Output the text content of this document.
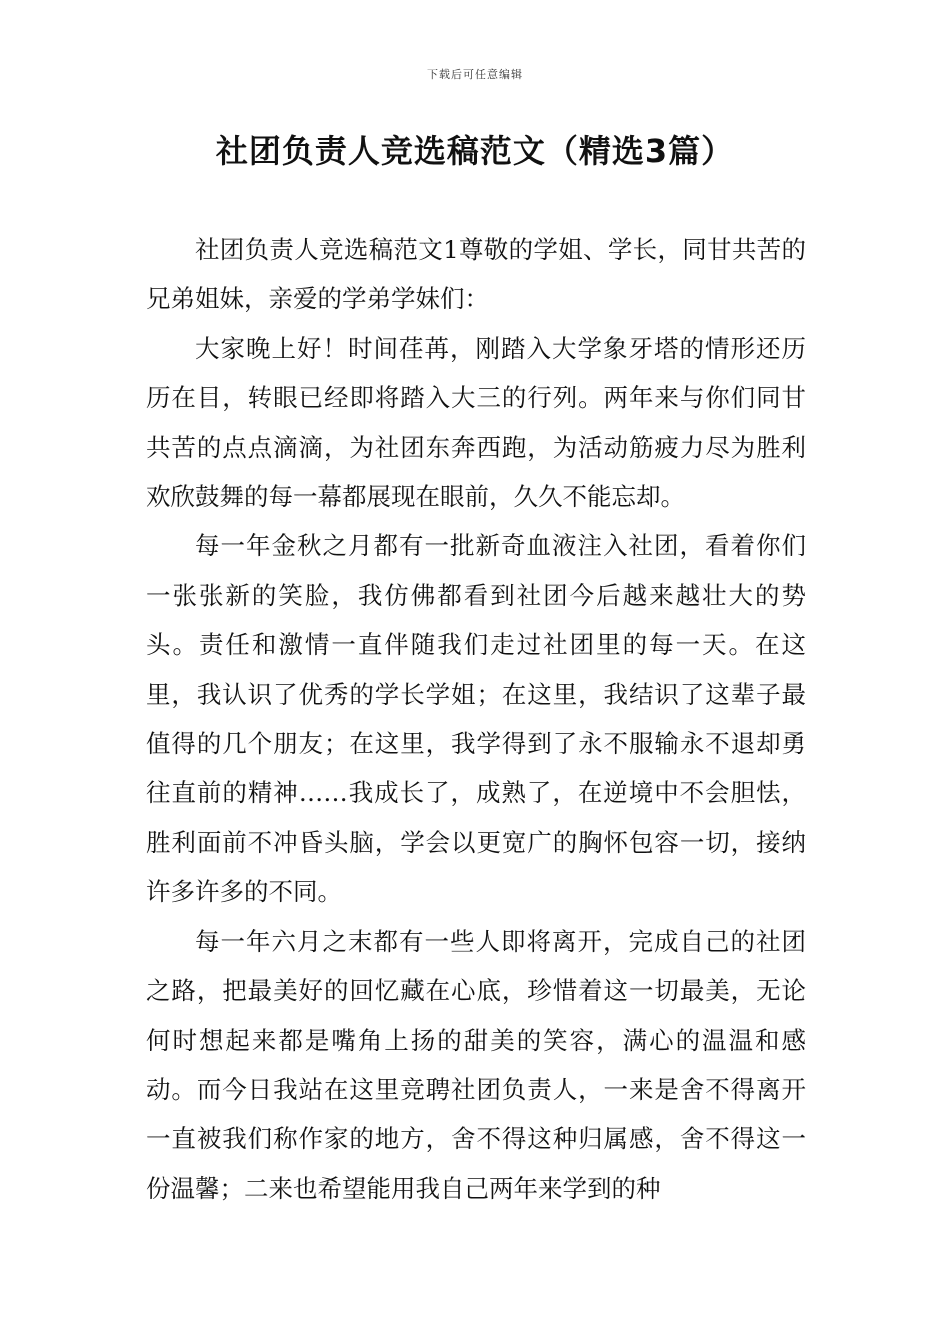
下载后可任意编辑
社团负责人竞选稿范文（精选3篇）

社团负责人竞选稿范文1尊敬的学姐、学长，同甘共苦的兄弟姐妹，亲爱的学弟学妹们：

大家晚上好！时间荏苒，刚踏入大学象牙塔的情形还历历在目，转眼已经即将踏入大三的行列。两年来与你们同甘共苦的点点滴滴，为社团东奔西跑，为活动筋疲力尽为胜利欢欣鼓舞的每一幕都展现在眼前，久久不能忘却。

每一年金秋之月都有一批新奇血液注入社团，看着你们一张张新的笑脸，我仿佛都看到社团今后越来越壮大的势头。责任和激情一直伴随我们走过社团里的每一天。在这里，我认识了优秀的学长学姐；在这里，我结识了这辈子最值得的几个朋友；在这里，我学得到了永不服输永不退却勇往直前的精神……我成长了，成熟了，在逆境中不会胆怯，胜利面前不冲昏头脑，学会以更宽广的胸怀包容一切，接纳许多许多的不同。

每一年六月之末都有一些人即将离开，完成自己的社团之路，把最美好的回忆藏在心底，珍惜着这一切最美，无论何时想起来都是嘴角上扬的甜美的笑容，满心的温温和感动。而今日我站在这里竞聘社团负责人，一来是舍不得离开一直被我们称作家的地方，舍不得这种归属感，舍不得这一份温馨；二来也希望能用我自己两年来学到的种
